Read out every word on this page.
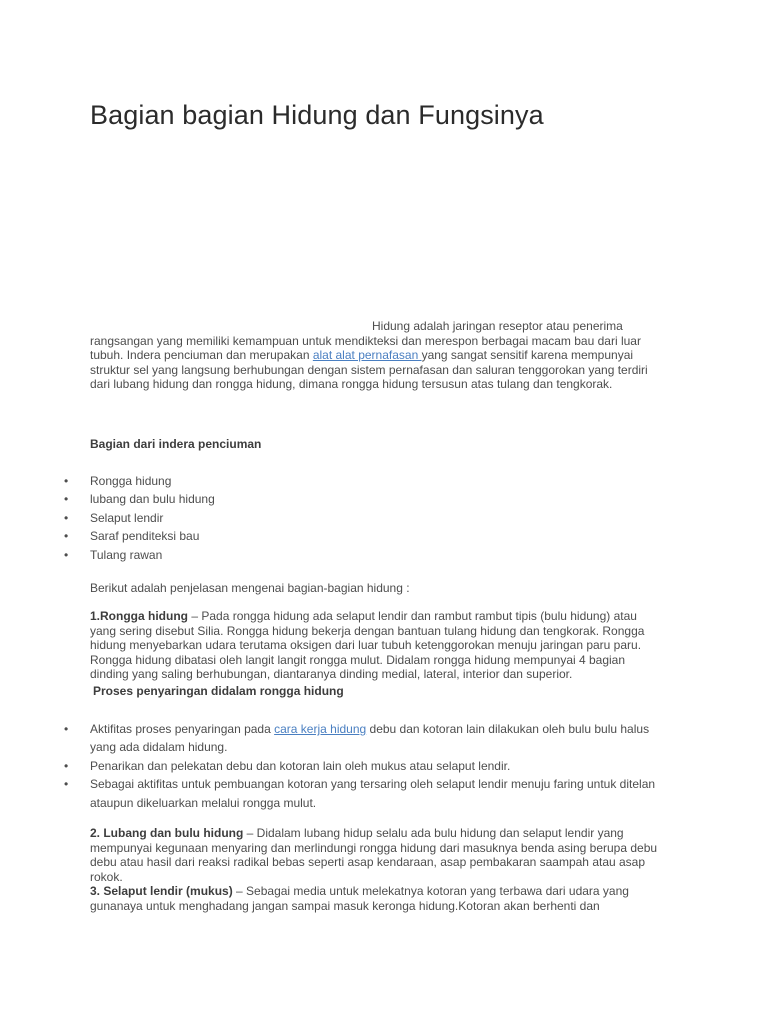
Bagian bagian Hidung dan Fungsinya
Hidung adalah jaringan reseptor atau penerima rangsangan yang memiliki kemampuan untuk mendikteksi dan merespon berbagai macam bau dari luar tubuh. Indera penciuman dan merupakan alat alat pernafasan yang sangat sensitif karena mempunyai struktur sel yang langsung berhubungan dengan sistem pernafasan dan saluran tenggorokan yang terdiri dari lubang hidung dan rongga hidung, dimana rongga hidung tersusun atas tulang dan tengkorak.
Bagian dari indera penciuman
• Rongga hidung
• lubang dan bulu hidung
• Selaput lendir
• Saraf penditeksi bau
• Tulang rawan
Berikut adalah penjelasan mengenai bagian-bagian hidung :
1.Rongga hidung – Pada rongga hidung ada selaput lendir dan rambut rambut tipis (bulu hidung) atau yang sering disebut Silia. Rongga hidung bekerja dengan bantuan tulang hidung dan tengkorak. Rongga hidung menyebarkan udara terutama oksigen dari luar tubuh ketenggorokan menuju jaringan paru paru. Rongga hidung dibatasi oleh langit langit rongga mulut. Didalam rongga hidung mempunyai 4 bagian dinding yang saling berhubungan, diantaranya dinding medial, lateral, interior dan superior.
Proses penyaringan didalam rongga hidung
• Aktifitas proses penyaringan pada cara kerja hidung debu dan kotoran lain dilakukan oleh bulu bulu halus yang ada didalam hidung.
• Penarikan dan pelekatan debu dan kotoran lain oleh mukus atau selaput lendir.
• Sebagai aktifitas untuk pembuangan kotoran yang tersaring oleh selaput lendir menuju faring untuk ditelan ataupun dikeluarkan melalui rongga mulut.
2. Lubang dan bulu hidung – Didalam lubang hidup selalu ada bulu hidung dan selaput lendir yang mempunyai kegunaan menyaring dan merlindungi rongga hidung dari masuknya benda asing berupa debu debu atau hasil dari reaksi radikal bebas seperti asap kendaraan, asap pembakaran saampah atau asap rokok.
3. Selaput lendir (mukus) – Sebagai media untuk melekatnya kotoran yang terbawa dari udara yang gunanaya untuk menghadang jangan sampai masuk keronga hidung.Kotoran akan berhenti dan
